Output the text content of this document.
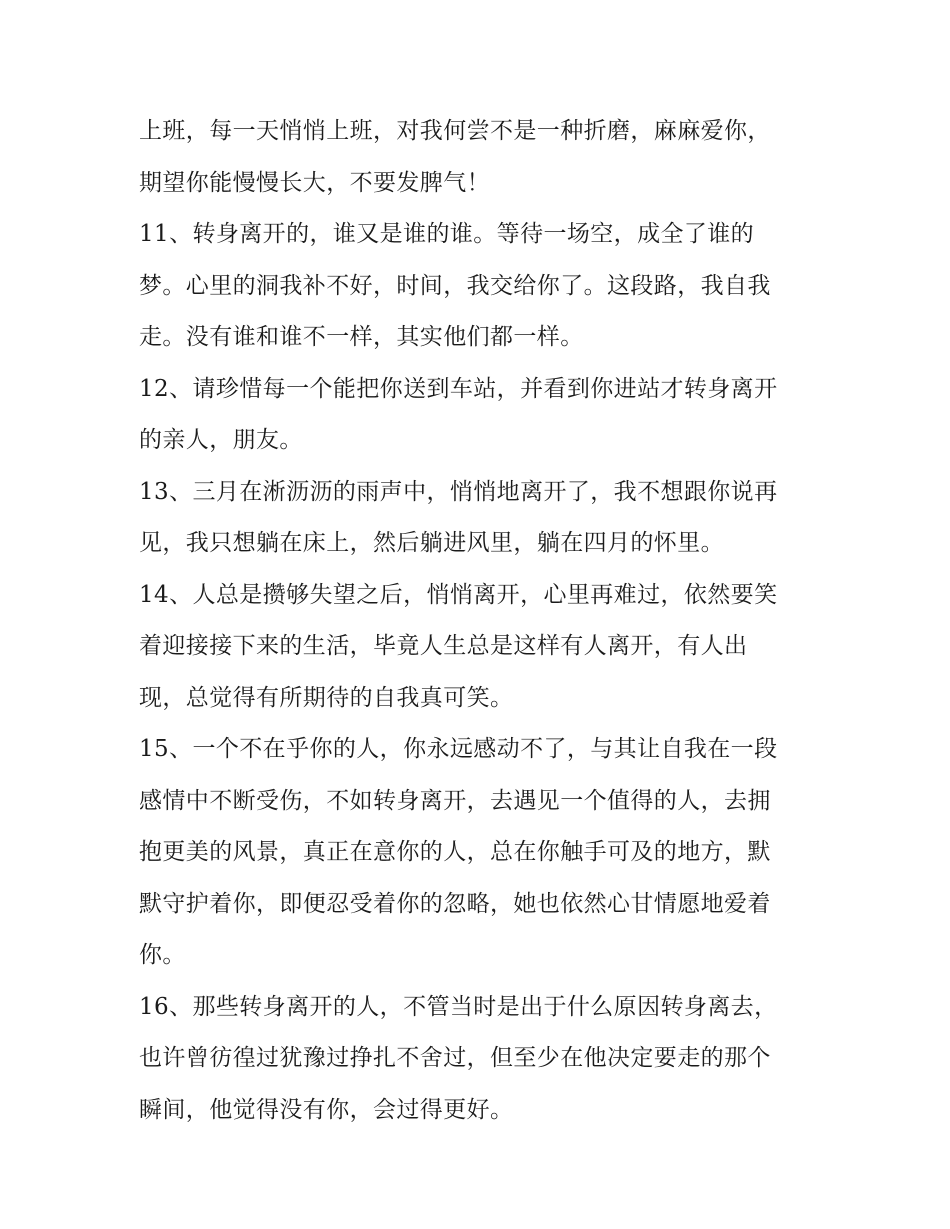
上班，每一天悄悄上班，对我何尝不是一种折磨，麻麻爱你，
期望你能慢慢长大，不要发脾气！
11、转身离开的，谁又是谁的谁。等待一场空，成全了谁的
梦。心里的洞我补不好，时间，我交给你了。这段路，我自我
走。没有谁和谁不一样，其实他们都一样。
12、请珍惜每一个能把你送到车站，并看到你进站才转身离开
的亲人，朋友。
13、三月在淅沥沥的雨声中，悄悄地离开了，我不想跟你说再
见，我只想躺在床上，然后躺进风里，躺在四月的怀里。
14、人总是攒够失望之后，悄悄离开，心里再难过，依然要笑
着迎接接下来的生活，毕竟人生总是这样有人离开，有人出
现，总觉得有所期待的自我真可笑。
15、一个不在乎你的人，你永远感动不了，与其让自我在一段
感情中不断受伤，不如转身离开，去遇见一个值得的人，去拥
抱更美的风景，真正在意你的人，总在你触手可及的地方，默
默守护着你，即便忍受着你的忽略，她也依然心甘情愿地爱着
你。
16、那些转身离开的人，不管当时是出于什么原因转身离去，
也许曾彷徨过犹豫过挣扎不舍过，但至少在他决定要走的那个
瞬间，他觉得没有你，会过得更好。
